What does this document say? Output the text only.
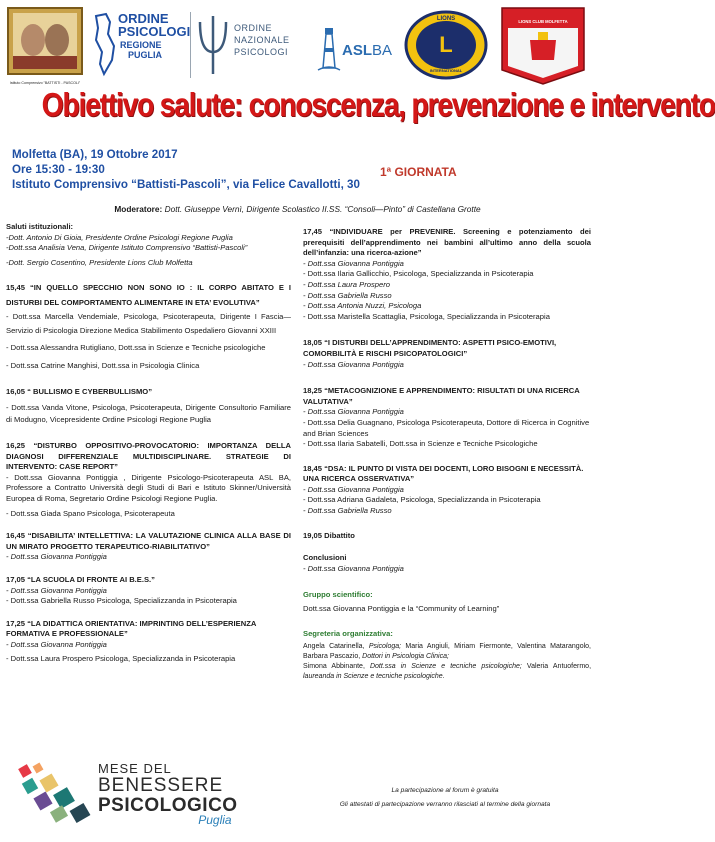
Istituto Comprensivo "BATTISTI - PASCOLI"
ORDINE
PSICOLOGI
REGIONE
PUGLIA
ORDINE
NAZIONALE
PSICOLOGI	ASLBA L
LIONS
INTERNATIONAL
LIONS CLUB MOLFETTA
Obiettivo salute: conoscenza, prevenzione e intervento
Molfetta (BA), 19 Ottobre 2017
Ore 15:30 - 19:30
Istituto Comprensivo “Battisti-Pascoli”, via Felice Cavallotti, 30
1ª GIORNATA
Moderatore: Dott. Giuseppe Vernì, Dirigente Scolastico II.SS. “Consoli—Pinto” di Castellana Grotte
Saluti istituzionali:
-Dott. Antonio Di Gioia, Presidente Ordine Psicologi Regione Puglia
-Dott.ssa Analisia Vena, Dirigente Istituto Comprensivo “Battisti-Pascoli”
-Dott. Sergio Cosentino, Presidente Lions Club Molfetta
15,45 “IN QUELLO SPECCHIO NON SONO IO : IL CORPO ABITATO E I DISTURBI DEL COMPORTAMENTO ALIMENTARE IN ETA’ EVOLUTIVA”
- Dott.ssa Marcella Vendemiale, Psicologa, Psicoterapeuta, Dirigente I Fascia—Servizio di Psicologia Direzione Medica Stabilimento Ospedaliero Giovanni XXIII
- Dott.ssa Alessandra Rutigliano, Dott.ssa in Scienze e Tecniche psicologiche
- Dott.ssa Catrine Manghisi, Dott.ssa in Psicologia Clinica
16,05 “ BULLISMO E CYBERBULLISMO”
- Dott.ssa Vanda Vitone, Psicologa, Psicoterapeuta, Dirigente Consultorio Familiare di Modugno, Vicepresidente Ordine Psicologi Regione Puglia
16,25 “DISTURBO OPPOSITIVO-PROVOCATORIO: IMPORTANZA DELLA DIAGNOSI DIFFERENZIALE MULTIDISCIPLINARE. STRATEGIE DI INTERVENTO: CASE REPORT”
- Dott.ssa Giovanna Pontiggia , Dirigente Psicologo-Psicoterapeuta ASL BA, Professore a Contratto Università degli Studi di Bari e Istituto Skinner/Università Europea di Roma, Segretario Ordine Psicologi Regione Puglia.
- Dott.ssa Giada Spano Psicologa, Psicoterapeuta
16,45 “DISABILITA’ INTELLETTIVA: LA VALUTAZIONE CLINICA ALLA BASE DI UN MIRATO PROGETTO TERAPEUTICO-RIABILITATIVO”
- Dott.ssa Giovanna Pontiggia
17,05 “LA SCUOLA DI FRONTE AI B.E.S.”
- Dott.ssa Giovanna Pontiggia
- Dott.ssa Gabriella Russo Psicologa, Specializzanda in Psicoterapia
17,25 “LA DIDATTICA ORIENTATIVA: IMPRINTING DELL’ESPERIENZA FORMATIVA E PROFESSIONALE”
- Dott.ssa Giovanna Pontiggia
- Dott.ssa Laura Prospero Psicologa, Specializzanda in Psicoterapia
17,45 “INDIVIDUARE per PREVENIRE. Screening e potenziamento dei prerequisiti dell’apprendimento nei bambini all’ultimo anno della scuola dell’infanzia: una ricerca-azione”
- Dott.ssa Giovanna Pontiggia
- Dott.ssa Ilaria Gallicchio, Psicologa, Specializzanda in Psicoterapia
- Dott.ssa Laura Prospero
- Dott.ssa Gabriella Russo
- Dott.ssa Antonia Nuzzi, Psicologa
- Dott.ssa Maristella Scattaglia, Psicologa, Specializzanda in Psicoterapia
18,05 “I DISTURBI DELL’APPRENDIMENTO: ASPETTI PSICO-EMOTIVI, COMORBILITÀ E RISCHI PSICOPATOLOGICI”
- Dott.ssa Giovanna Pontiggia
18,25 “METACOGNIZIONE E APPRENDIMENTO: RISULTATI DI UNA RICERCA VALUTATIVA”
- Dott.ssa Giovanna Pontiggia
- Dott.ssa Delia Guagnano, Psicologa Psicoterapeuta, Dottore di Ricerca in Cognitive and Brian Sciences
- Dott.ssa Ilaria Sabatelli, Dott.ssa in Scienze e Tecniche Psicologiche
18,45 “DSA: IL PUNTO DI VISTA DEI DOCENTI, LORO BISOGNI E NECESSITÀ. UNA RICERCA OSSERVATIVA”
- Dott.ssa Giovanna Pontiggia
- Dott.ssa Adriana Gadaleta, Psicologa, Specializzanda in Psicoterapia
- Dott.ssa Gabriella Russo
19,05 Dibattito
Conclusioni
- Dott.ssa Giovanna Pontiggia
Gruppo scientifico:
Dott.ssa Giovanna Pontiggia e la “Community of Learning”
Segreteria organizzativa:
Angela Catarinella, Psicologa; Maria Angiuli, Miriam Fiermonte, Valentina Matarangolo, Barbara Pascazio, Dottori in Psicologia Clinica;
Simona Abbinante, Dott.ssa in Scienze e tecniche psicologiche; Valeria Antuofermo, laureanda in Scienze e tecniche psicologiche.
MESE DEL
BENESSERE
PSICOLOGICO
Puglia
La partecipazione al forum è gratuita
Gli attestati di partecipazione verranno rilasciati al termine della giornata
